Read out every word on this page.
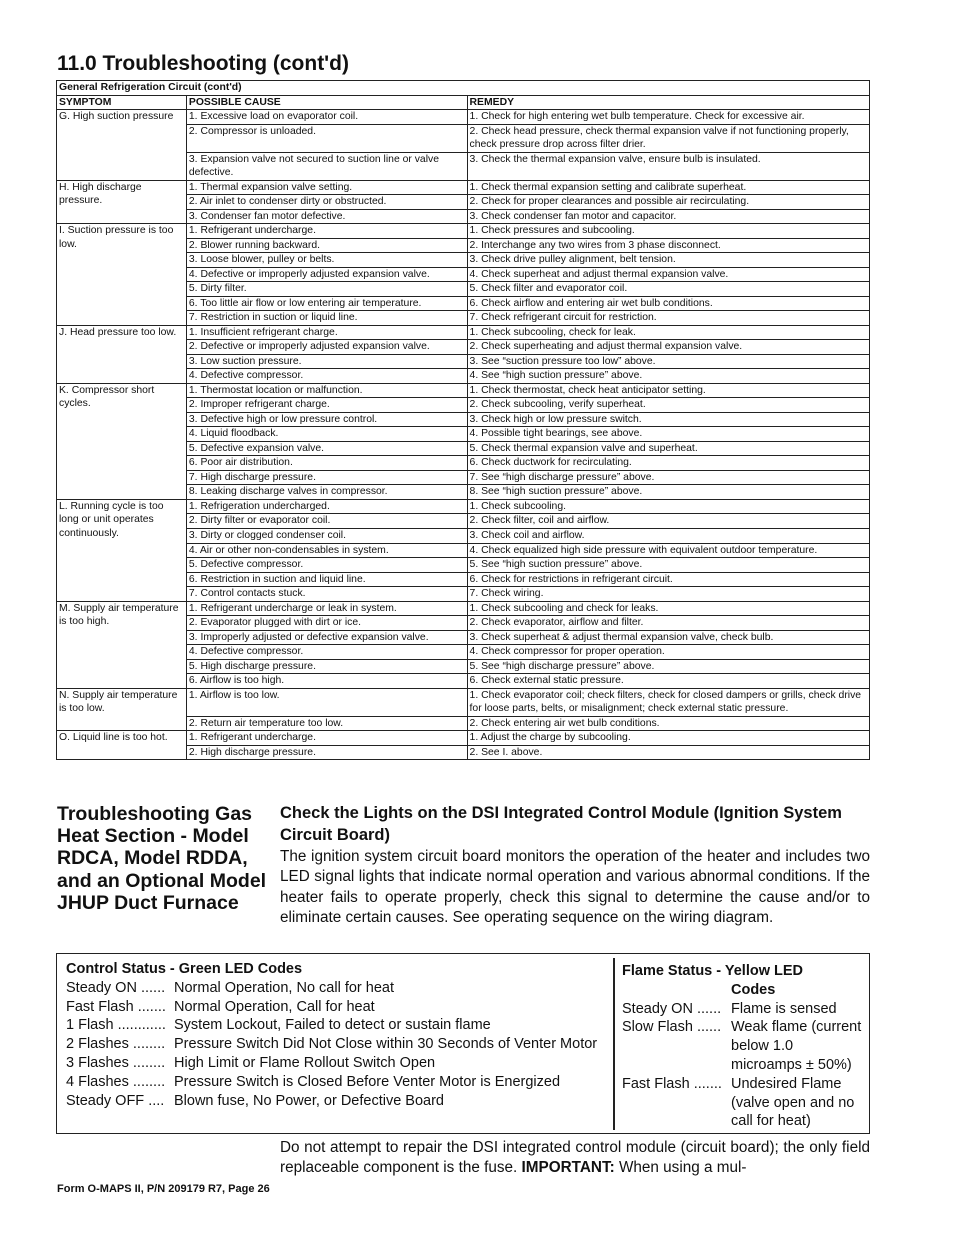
11.0 Troubleshooting (cont'd)
General Refrigeration Circuit (cont'd)		
SYMPTOM	POSSIBLE CAUSE	REMEDY
G. High suction pressure	1. Excessive load on evaporator coil.	1. Check for high entering wet bulb temperature. Check for excessive air.
	2. Compressor is unloaded.	2. Check head pressure, check thermal expansion valve if not functioning properly, check pressure drop across filter drier.
	3. Expansion valve not secured to suction line or valve defective.	3. Check the thermal expansion valve, ensure bulb is insulated.
H. High discharge pressure.	1. Thermal expansion valve setting.	1. Check thermal expansion setting and calibrate superheat.
	2. Air inlet to condenser dirty or obstructed.	2. Check for proper clearances and possible air recirculating.
	3. Condenser fan motor defective.	3. Check condenser fan motor and capacitor.
I. Suction pressure is too low.	1. Refrigerant undercharge.	1. Check pressures and subcooling.
	2. Blower running backward.	2. Interchange any two wires from 3 phase disconnect.
	3. Loose blower, pulley or belts.	3. Check drive pulley alignment, belt tension.
	4. Defective or improperly adjusted expansion valve.	4. Check superheat and adjust thermal expansion valve.
	5. Dirty filter.	5. Check filter and evaporator coil.
	6. Too little air flow or low entering air temperature.	6. Check airflow and entering air wet bulb conditions.
	7. Restriction in suction or liquid line.	7. Check refrigerant circuit for restriction.
J. Head pressure too low.	1. Insufficient refrigerant charge.	1. Check subcooling, check for leak.
	2. Defective or improperly adjusted expansion valve.	2. Check superheating and adjust thermal expansion valve.
	3. Low suction pressure.	3. See “suction pressure too low” above.
	4. Defective compressor.	4. See “high suction pressure” above.
K. Compressor short cycles.	1. Thermostat location or malfunction.	1. Check thermostat, check heat anticipator setting.
	2. Improper refrigerant charge.	2. Check subcooling, verify superheat.
	3. Defective high or low pressure control.	3. Check high or low pressure switch.
	4. Liquid floodback.	4. Possible tight bearings, see above.
	5. Defective expansion valve.	5. Check thermal expansion valve and superheat.
	6. Poor air distribution.	6. Check ductwork for recirculating.
	7. High discharge pressure.	7. See “high discharge pressure” above.
	8. Leaking discharge valves in compressor.	8. See “high suction pressure” above.
L. Running cycle is too long or unit operates continuously.	1. Refrigeration undercharged.	1. Check subcooling.
	2. Dirty filter or evaporator coil.	2. Check filter, coil and airflow.
	3. Dirty or clogged condenser coil.	3. Check coil and airflow.
	4. Air or other non-condensables in system.	4. Check equalized high side pressure with equivalent outdoor temperature.
	5. Defective compressor.	5. See “high suction pressure” above.
	6. Restriction in suction and liquid line.	6. Check for restrictions in refrigerant circuit.
	7. Control contacts stuck.	7. Check wiring.
M. Supply air temperature is too high.	1. Refrigerant undercharge or leak in system.	1. Check subcooling and check for leaks.
	2. Evaporator plugged with dirt or ice.	2. Check evaporator, airflow and filter.
	3. Improperly adjusted or defective expansion valve.	3. Check superheat & adjust thermal expansion valve, check bulb.
	4. Defective compressor.	4. Check compressor for proper operation.
	5. High discharge pressure.	5. See “high discharge pressure” above.
	6. Airflow is too high.	6. Check external static pressure.
N. Supply air temperature is too low.	1. Airflow is too low.	1. Check evaporator coil; check filters, check for closed dampers or grills, check drive for loose parts, belts, or misalignment; check external static pressure.
	2. Return air temperature too low.	2. Check entering air wet bulb conditions.
O. Liquid line is too hot.	1. Refrigerant undercharge.	1. Adjust the charge by subcooling.
	2. High discharge pressure.	2. See I. above.
Troubleshooting Gas Heat Section - Model RDCA, Model RDDA, and an Optional Model JHUP Duct Furnace
Check the Lights on the DSI Integrated Control Module (Ignition System Circuit Board)
The ignition system circuit board monitors the operation of the heater and includes two LED signal lights that indicate normal operation and various abnormal conditions. If the heater fails to operate properly, check this signal to determine the cause and/or to eliminate certain causes. See operating sequence on the wiring diagram.
Control Status - Green LED Codes
Steady ON ...... Normal Operation, No call for heat
Fast Flash ....... Normal Operation, Call for heat
1 Flash ............ System Lockout, Failed to detect or sustain flame
2 Flashes ........ Pressure Switch Did Not Close within 30 Seconds of Venter Motor
3 Flashes ........ High Limit or Flame Rollout Switch Open
4 Flashes ........ Pressure Switch is Closed Before Venter Motor is Energized
Steady OFF .... Blown fuse, No Power, or Defective Board
Flame Status - Yellow LED
Codes
Steady ON ...... Flame is sensed
Slow Flash ...... Weak flame (current below 1.0 microamps ± 50%)
Fast Flash ....... Undesired Flame (valve open and no call for heat)
Do not attempt to repair the DSI integrated control module (circuit board); the only field replaceable component is the fuse. IMPORTANT: When using a mul-
Form O-MAPS II, P/N 209179 R7, Page 26
